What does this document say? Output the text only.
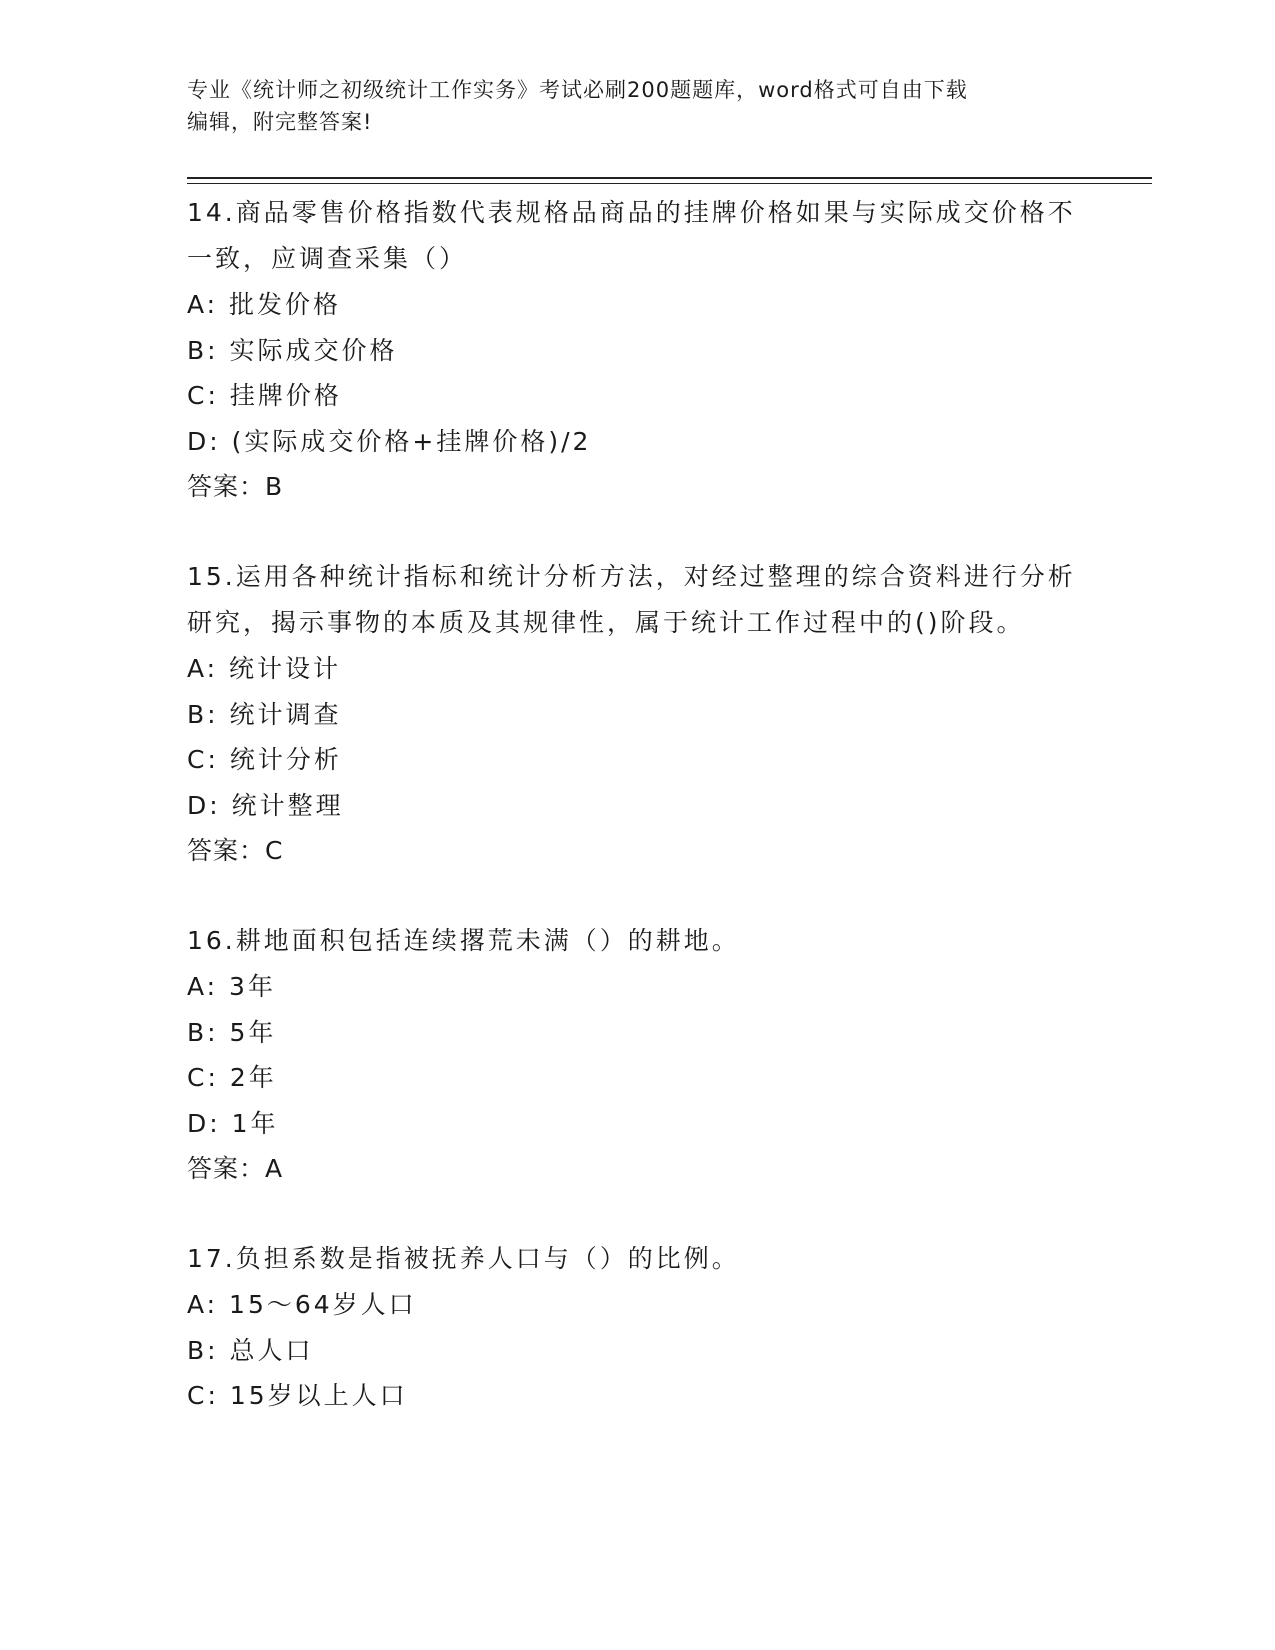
专业《统计师之初级统计工作实务》考试必刷200题题库，word格式可自由下载
编辑，附完整答案!

14.商品零售价格指数代表规格品商品的挂牌价格如果与实际成交价格不一致，应调查采集（）

A: 批发价格

B: 实际成交价格

C: 挂牌价格

D: (实际成交价格+挂牌价格)/2

答案：B

15.运用各种统计指标和统计分析方法，对经过整理的综合资料进行分析研究，揭示事物的本质及其规律性，属于统计工作过程中的()阶段。

A: 统计设计

B: 统计调查

C: 统计分析

D: 统计整理

答案：C

16.耕地面积包括连续撂荒未满（）的耕地。

A: 3年

B: 5年

C: 2年

D: 1年

答案：A

17.负担系数是指被抚养人口与（）的比例。

A: 15～64岁人口

B: 总人口

C: 15岁以上人口
